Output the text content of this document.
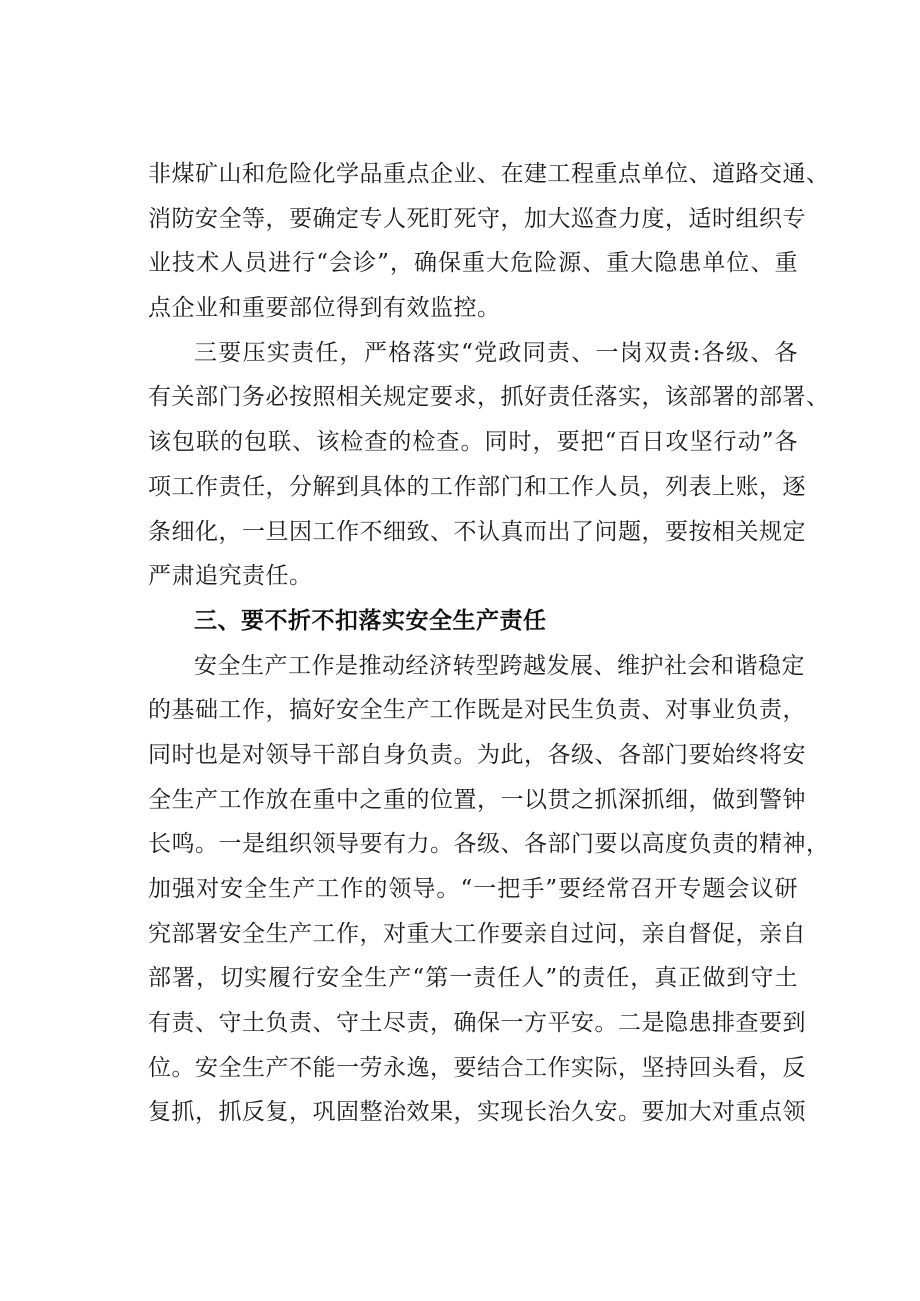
非煤矿山和危险化学品重点企业、在建工程重点单位、道路交通、
消防安全等，要确定专人死盯死守，加大巡查力度，适时组织专
业技术人员进行“会诊”，确保重大危险源、重大隐患单位、重
点企业和重要部位得到有效监控。
三要压实责任，严格落实“党政同责、一岗双责:各级、各
有关部门务必按照相关规定要求，抓好责任落实，该部署的部署、
该包联的包联、该检查的检查。同时，要把“百日攻坚行动”各
项工作责任，分解到具体的工作部门和工作人员，列表上账，逐
条细化，一旦因工作不细致、不认真而出了问题，要按相关规定
严肃追究责任。
三、要不折不扣落实安全生产责任
安全生产工作是推动经济转型跨越发展、维护社会和谐稳定
的基础工作，搞好安全生产工作既是对民生负责、对事业负责，
同时也是对领导干部自身负责。为此，各级、各部门要始终将安
全生产工作放在重中之重的位置，一以贯之抓深抓细，做到警钟
长鸣。一是组织领导要有力。各级、各部门要以高度负责的精神，
加强对安全生产工作的领导。“一把手”要经常召开专题会议研
究部署安全生产工作，对重大工作要亲自过问，亲自督促，亲自
部署，切实履行安全生产“第一责任人”的责任，真正做到守土
有责、守土负责、守土尽责，确保一方平安。二是隐患排查要到
位。安全生产不能一劳永逸，要结合工作实际，坚持回头看，反
复抓，抓反复，巩固整治效果，实现长治久安。要加大对重点领
